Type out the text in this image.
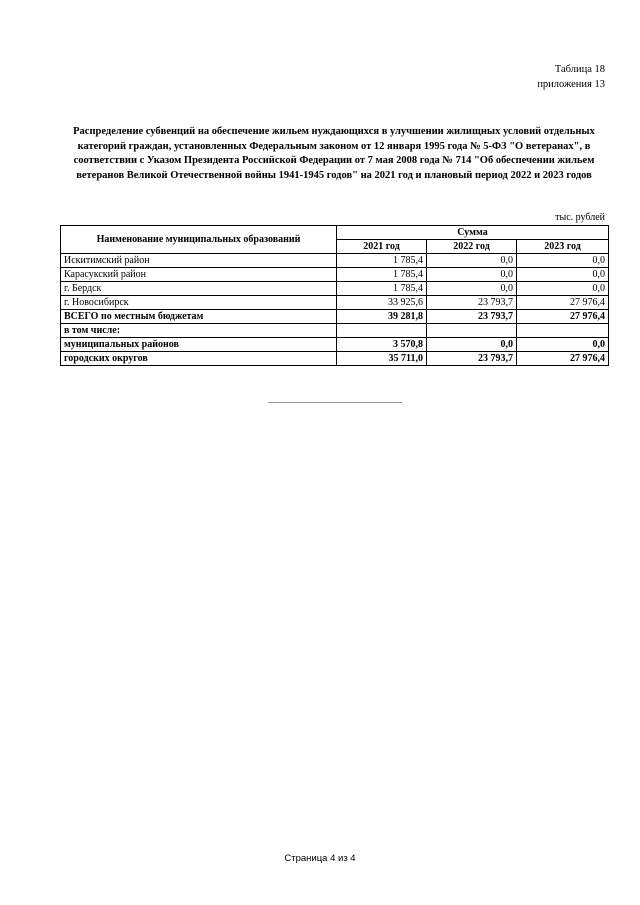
Таблица 18
приложения 13
Распределение субвенций на обеспечение жильем нуждающихся в улучшении жилищных условий отдельных категорий граждан, установленных Федеральным законом от 12 января 1995 года № 5-ФЗ "О ветеранах", в соответствии с Указом Президента Российской Федерации от 7 мая 2008 года № 714 "Об обеспечении жильем ветеранов Великой Отечественной войны 1941-1945 годов" на 2021 год и плановый период 2022 и 2023 годов
тыс. рублей
Наименование муниципальных образований	Сумма		
	2021 год	2022 год	2023 год
Искитимский район	1 785,4	0,0	0,0
Карасукский район	1 785,4	0,0	0,0
г. Бердск	1 785,4	0,0	0,0
г. Новосибирск	33 925,6	23 793,7	27 976,4
ВСЕГО по местным бюджетам	39 281,8	23 793,7	27 976,4
в том числе:			
муниципальных районов	3 570,8	0,0	0,0
городских округов	35 711,0	23 793,7	27 976,4
Страница 4 из 4
